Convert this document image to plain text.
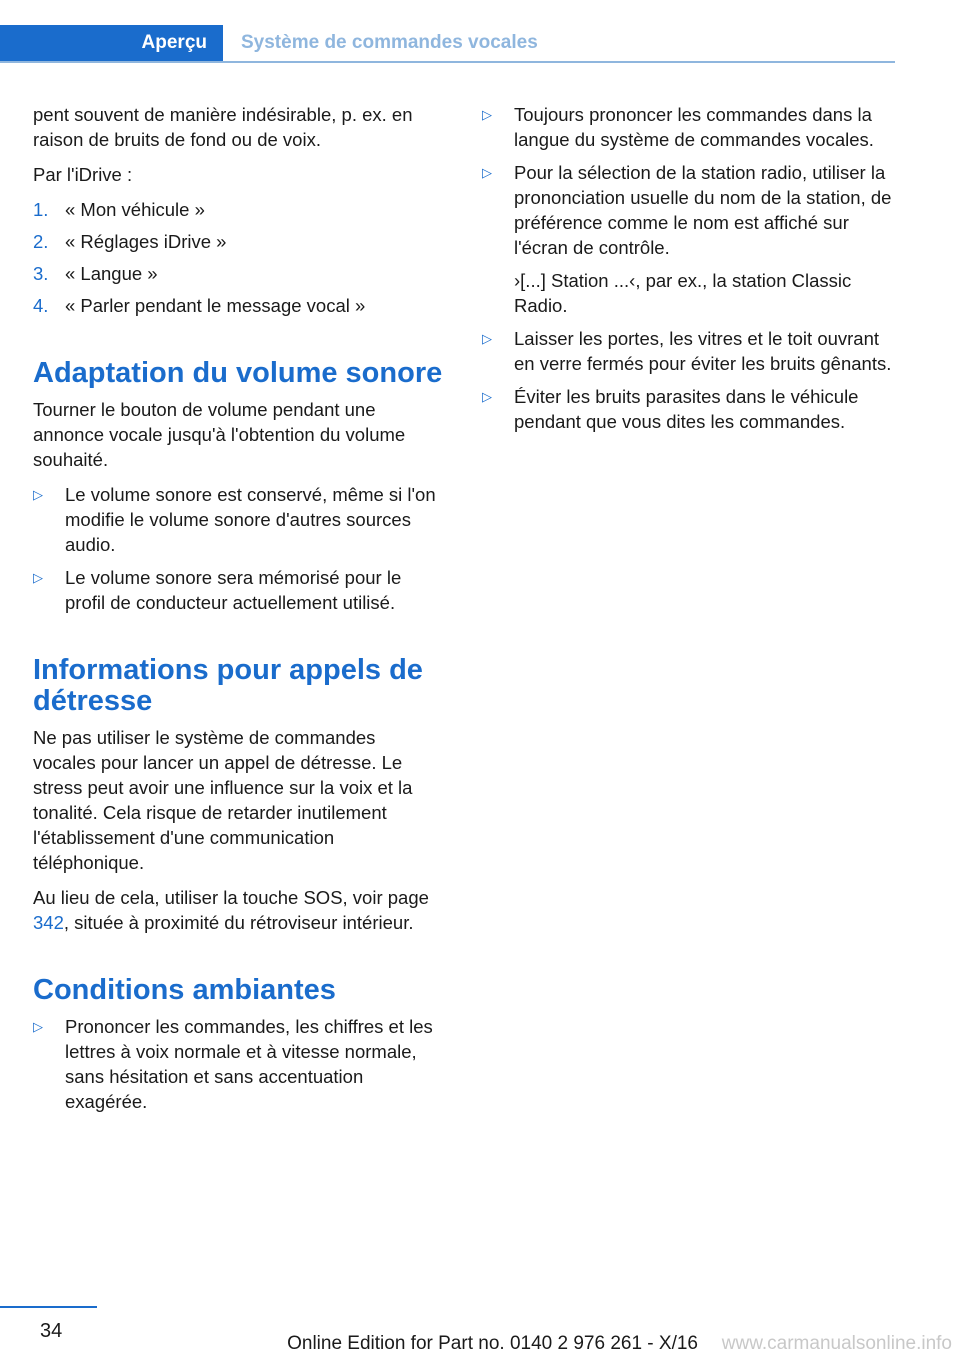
Aperçu	Système de commandes vocales

pent souvent de manière indésirable, p. ex. en raison de bruits de fond ou de voix.

Par l'iDrive :

1. « Mon véhicule »
2. « Réglages iDrive »
3. « Langue »
4. « Parler pendant le message vocal »
Adaptation du volume sonore

Tourner le bouton de volume pendant une annonce vocale jusqu'à l'obtention du volume souhaité.

▷	Le volume sonore est conservé, même si l'on modifie le volume sonore d'autres sources audio.
▷	Le volume sonore sera mémorisé pour le profil de conducteur actuellement utilisé.
Informations pour appels de détresse

Ne pas utiliser le système de commandes vocales pour lancer un appel de détresse. Le stress peut avoir une influence sur la voix et la tonalité. Cela risque de retarder inutilement l'établissement d'une communication téléphonique.

Au lieu de cela, utiliser la touche SOS, voir page 342, située à proximité du rétroviseur intérieur.

Conditions ambiantes
▷	Prononcer les commandes, les chiffres et les lettres à voix normale et à vitesse normale, sans hésitation et sans accentuation exagérée.
▷	Toujours prononcer les commandes dans la langue du système de commandes vocales.
▷	Pour la sélection de la station radio, utiliser la prononciation usuelle du nom de la station, de préférence comme le nom est affiché sur l'écran de contrôle.
›[...] Station ...‹, par ex., la station Classic Radio.
▷	Laisser les portes, les vitres et le toit ouvrant en verre fermés pour éviter les bruits gênants.
▷	Éviter les bruits parasites dans le véhicule pendant que vous dites les commandes.
34
Online Edition for Part no. 0140 2 976 261 - X/16 www.carmanualsonline.info
